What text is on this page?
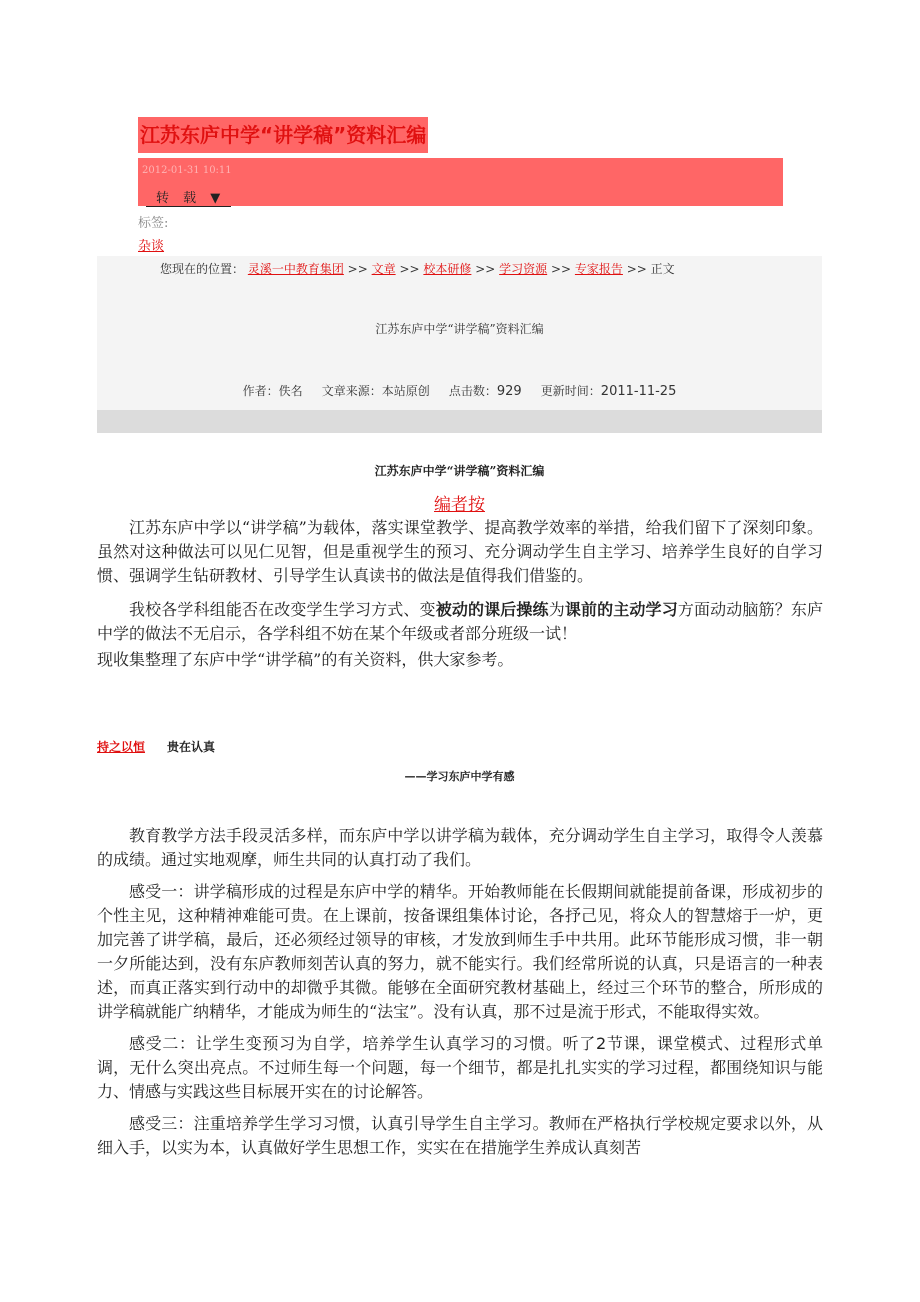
江苏东庐中学“讲学稿”资料汇编
2012-01-31 10:11
转 载 ▼
标签:
杂谈
您现在的位置： 灵溪一中教育集团 >> 文章 >> 校本研修 >> 学习资源 >> 专家报告 >> 正文
江苏东庐中学“讲学稿”资料汇编
作者：佚名 文章来源：本站原创 点击数：929 更新时间：2011-11-25
江苏东庐中学“讲学稿”资料汇编
编者按

江苏东庐中学以“讲学稿”为载体，落实课堂教学、提高教学效率的举措，给我们留下了深刻印象。虽然对这种做法可以见仁见智，但是重视学生的预习、充分调动学生自主学习、培养学生良好的自学习惯、强调学生钻研教材、引导学生认真读书的做法是值得我们借鉴的。

我校各学科组能否在改变学生学习方式、变被动的课后操练为课前的主动学习方面动动脑筋？东庐中学的做法不无启示，各学科组不妨在某个年级或者部分班级一试！

现收集整理了东庐中学“讲学稿”的有关资料，供大家参考。

持之以恒 贵在认真
——学习东庐中学有感

教育教学方法手段灵活多样，而东庐中学以讲学稿为载体，充分调动学生自主学习，取得令人羡慕的成绩。通过实地观摩，师生共同的认真打动了我们。

感受一：讲学稿形成的过程是东庐中学的精华。开始教师能在长假期间就能提前备课，形成初步的个性主见，这种精神难能可贵。在上课前，按备课组集体讨论，各抒己见，将众人的智慧熔于一炉，更加完善了讲学稿，最后，还必须经过领导的审核，才发放到师生手中共用。此环节能形成习惯，非一朝一夕所能达到，没有东庐教师刻苦认真的努力，就不能实行。我们经常所说的认真，只是语言的一种表述，而真正落实到行动中的却微乎其微。能够在全面研究教材基础上，经过三个环节的整合，所形成的讲学稿就能广纳精华，才能成为师生的“法宝”。没有认真，那不过是流于形式，不能取得实效。

感受二：让学生变预习为自学，培养学生认真学习的习惯。听了2节课，课堂模式、过程形式单调，无什么突出亮点。不过师生每一个问题，每一个细节，都是扎扎实实的学习过程，都围绕知识与能力、情感与实践这些目标展开实在的讨论解答。

感受三：注重培养学生学习习惯，认真引导学生自主学习。教师在严格执行学校规定要求以外，从细入手，以实为本，认真做好学生思想工作，实实在在措施学生养成认真刻苦
